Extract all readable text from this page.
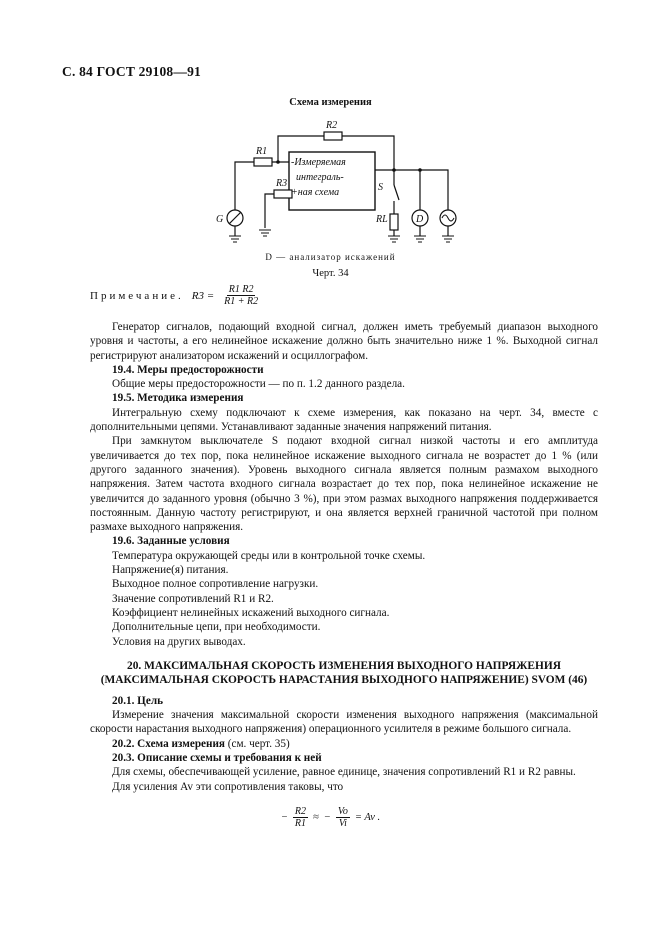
С. 84 ГОСТ 29108—91
Схема измерения
-Измеряемая
интеграль-
+ная схема
R2
R1
R3
RL
S
G	D
D — анализатор искажений
Черт. 34
Примечание. $R3 = \frac{R1 R2}{R1 + R2}$

Генератор сигналов, подающий входной сигнал, должен иметь требуемый диапазон выходного уровня и частоты, а его нелинейное искажение должно быть значительно ниже 1 %. Выходной сигнал регистрируют анализатором искажений и осциллографом.

19.4. Меры предосторожности

Общие меры предосторожности — по п. 1.2 данного раздела.

19.5. Методика измерения

Интегральную схему подключают к схеме измерения, как показано на черт. 34, вместе с дополнительными цепями. Устанавливают заданные значения напряжений питания.

При замкнутом выключателе S подают входной сигнал низкой частоты и его амплитуда увеличивается до тех пор, пока нелинейное искажение выходного сигнала не возрастет до 1 % (или другого заданного значения). Уровень выходного сигнала является полным размахом выходного напряжения. Затем частота входного сигнала возрастает до тех пор, пока нелинейное искажение не увеличится до заданного уровня (обычно 3 %), при этом размах выходного напряжения поддерживается постоянным. Данную частоту регистрируют, и она является верхней граничной частотой при полном размахе выходного напряжения.

19.6. Заданные условия

Температура окружающей среды или в контрольной точке схемы.

Напряжение(я) питания.

Выходное полное сопротивление нагрузки.

Значение сопротивлений R1 и R2.

Коэффициент нелинейных искажений выходного сигнала.

Дополнительные цепи, при необходимости.

Условия на других выводах.

20. МАКСИМАЛЬНАЯ СКОРОСТЬ ИЗМЕНЕНИЯ ВЫХОДНОГО НАПРЯЖЕНИЯ
(МАКСИМАЛЬНАЯ СКОРОСТЬ НАРАСТАНИЯ ВЫХОДНОГО НАПРЯЖЕНИЕ) SVOM (46)

20.1. Цель

Измерение значения максимальной скорости изменения выходного напряжения (максимальной скорости нарастания выходного напряжения) операционного усилителя в режиме большого сигнала.

20.2. Схема измерения (см. черт. 35)

20.3. Описание схемы и требования к ней

Для схемы, обеспечивающей усиление, равное единице, значения сопротивлений R1 и R2 равны.

Для усиления Av эти сопротивления таковы, что

− $\frac{R2}{R1}$ ≈ − $\frac{Vo}{Vi} = Av$ .
